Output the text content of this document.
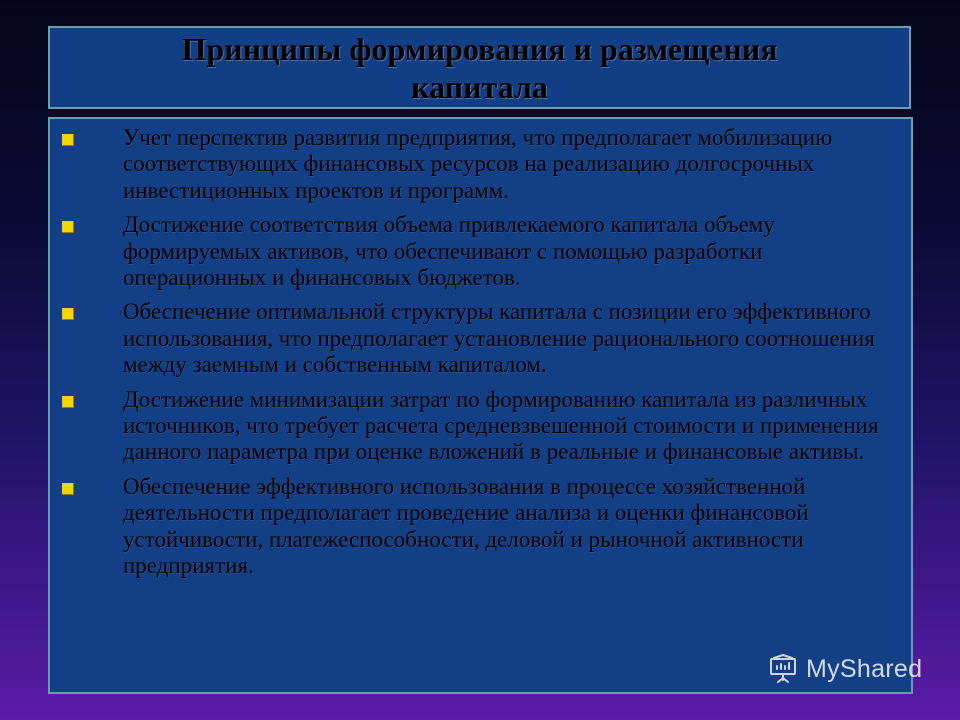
Принципы формирования и размещения капитала
Учет перспектив развития предприятия, что предполагает мобилизацию соответствующих финансовых ресурсов на реализацию долгосрочных инвестиционных проектов и программ.
Достижение соответствия объема привлекаемого капитала объему формируемых активов, что обеспечивают с помощью разработки операционных и финансовых бюджетов.
Обеспечение оптимальной структуры капитала с позиции его эффективного использования, что предполагает установление рационального соотношения между заемным и собственным капиталом.
Достижение минимизации затрат по формированию капитала из различных источников, что требует расчета средневзвешенной стоимости и применения данного параметра при оценке вложений в реальные и финансовые активы.
Обеспечение эффективного использования в процессе хозяйственной деятельности предполагает проведение анализа и оценки финансовой устойчивости, платежеспособности, деловой и рыночной активности предприятия.
MyShared
